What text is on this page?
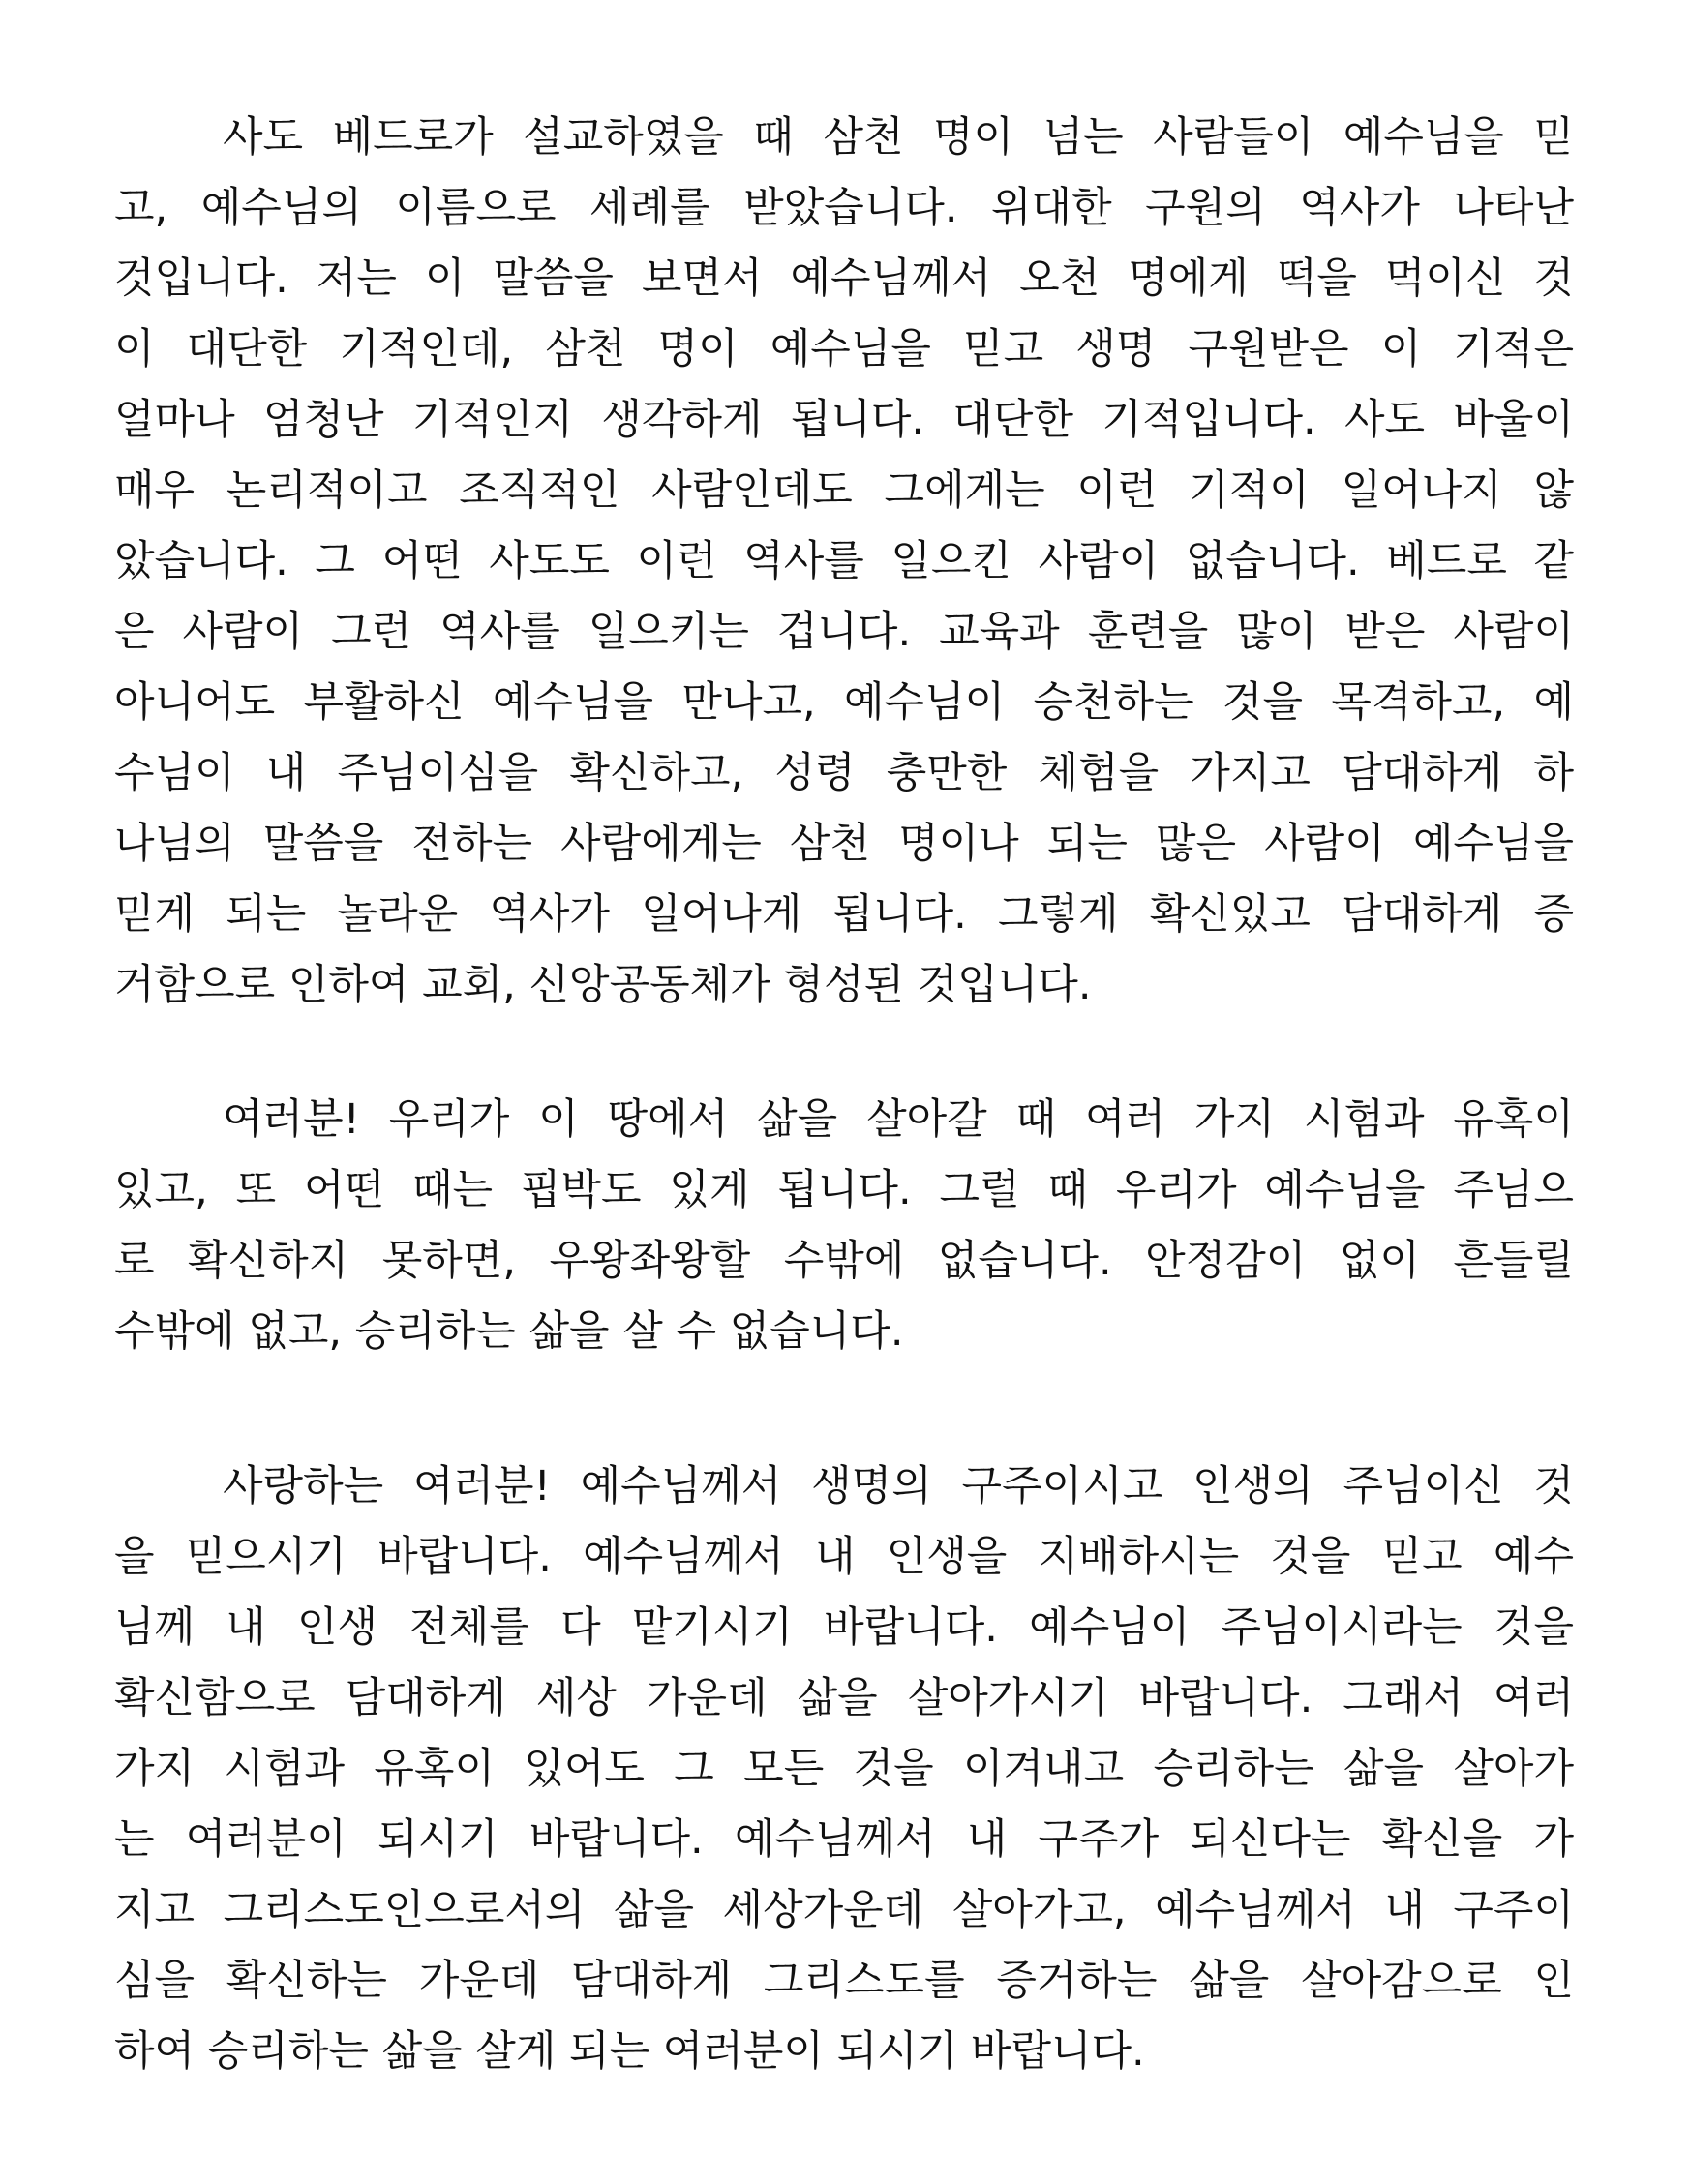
사도 베드로가 설교하였을 때 삼천 명이 넘는 사람들이 예수님을 믿
고, 예수님의 이름으로 세례를 받았습니다. 위대한 구원의 역사가 나타난
것입니다. 저는 이 말씀을 보면서 예수님께서 오천 명에게 떡을 먹이신 것
이 대단한 기적인데, 삼천 명이 예수님을 믿고 생명 구원받은 이 기적은
얼마나 엄청난 기적인지 생각하게 됩니다. 대단한 기적입니다. 사도 바울이
매우 논리적이고 조직적인 사람인데도 그에게는 이런 기적이 일어나지 않
았습니다. 그 어떤 사도도 이런 역사를 일으킨 사람이 없습니다. 베드로 같
은 사람이 그런 역사를 일으키는 겁니다. 교육과 훈련을 많이 받은 사람이
아니어도 부활하신 예수님을 만나고, 예수님이 승천하는 것을 목격하고, 예
수님이 내 주님이심을 확신하고, 성령 충만한 체험을 가지고 담대하게 하
나님의 말씀을 전하는 사람에게는 삼천 명이나 되는 많은 사람이 예수님을
믿게 되는 놀라운 역사가 일어나게 됩니다. 그렇게 확신있고 담대하게 증
거함으로 인하여 교회, 신앙공동체가 형성된 것입니다.
여러분! 우리가 이 땅에서 삶을 살아갈 때 여러 가지 시험과 유혹이
있고, 또 어떤 때는 핍박도 있게 됩니다. 그럴 때 우리가 예수님을 주님으
로 확신하지 못하면, 우왕좌왕할 수밖에 없습니다. 안정감이 없이 흔들릴
수밖에 없고, 승리하는 삶을 살 수 없습니다.
사랑하는 여러분! 예수님께서 생명의 구주이시고 인생의 주님이신 것
을 믿으시기 바랍니다. 예수님께서 내 인생을 지배하시는 것을 믿고 예수
님께 내 인생 전체를 다 맡기시기 바랍니다. 예수님이 주님이시라는 것을
확신함으로 담대하게 세상 가운데 삶을 살아가시기 바랍니다. 그래서 여러
가지 시험과 유혹이 있어도 그 모든 것을 이겨내고 승리하는 삶을 살아가
는 여러분이 되시기 바랍니다. 예수님께서 내 구주가 되신다는 확신을 가
지고 그리스도인으로서의 삶을 세상가운데 살아가고, 예수님께서 내 구주이
심을 확신하는 가운데 담대하게 그리스도를 증거하는 삶을 살아감으로 인
하여 승리하는 삶을 살게 되는 여러분이 되시기 바랍니다.
